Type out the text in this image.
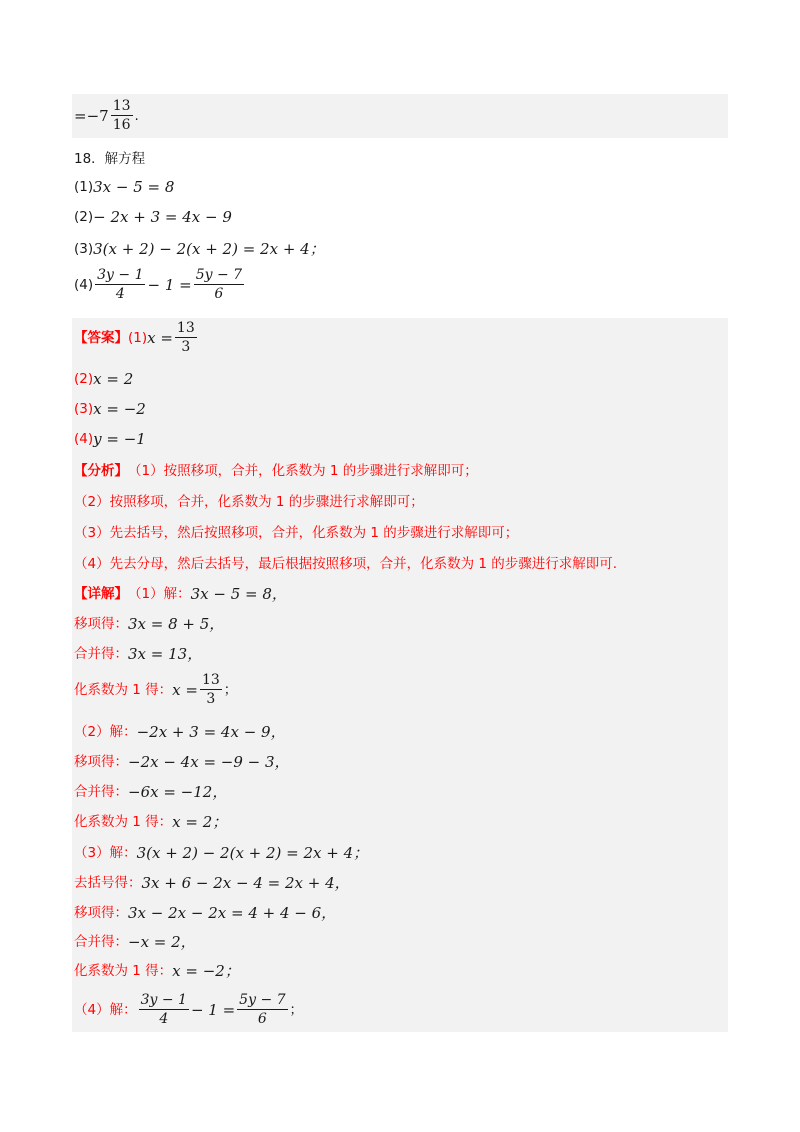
$=-7 \frac{13}{16}$ .
18．解方程
(1) 3x − 5 = 8
(2) − 2x + 3 = 4x − 9
(3) 3(x + 2) − 2(x + 2) = 2x + 4；
$(4) \frac{3y - 1}{4} - 1 = \frac{5y - 7}{6}$
【答案】 (1) $x = \frac{13}{3}$
(2) x = 2
(3) x = −2
(4) y = −1
【分析】 （1）按照移项，合并，化系数为 1 的步骤进行求解即可；
（2）按照移项，合并，化系数为 1 的步骤进行求解即可；
（3）先去括号，然后按照移项，合并，化系数为 1 的步骤进行求解即可；
（4）先去分母，然后去括号，最后根据按照移项，合并，化系数为 1 的步骤进行求解即可.
【详解】 （1）解： 3x − 5 = 8，
移项得： 3x = 8 + 5，
合并得： 3x = 13，
化系数为 1 得： $x = \frac{13}{3}$ ；
（2）解： −2x + 3 = 4x − 9，
移项得： −2x − 4x = −9 − 3，
合并得： −6x = −12，
化系数为 1 得： x = 2；
（3）解： 3(x + 2) − 2(x + 2) = 2x + 4；
去括号得： 3x + 6 − 2x − 4 = 2x + 4，
移项得： 3x − 2x − 2x = 4 + 4 − 6，
合并得： −x = 2，
化系数为 1 得： x = −2；
（4）解： $\frac{3y - 1}{4} - 1 = \frac{5y - 7}{6}$ ；
